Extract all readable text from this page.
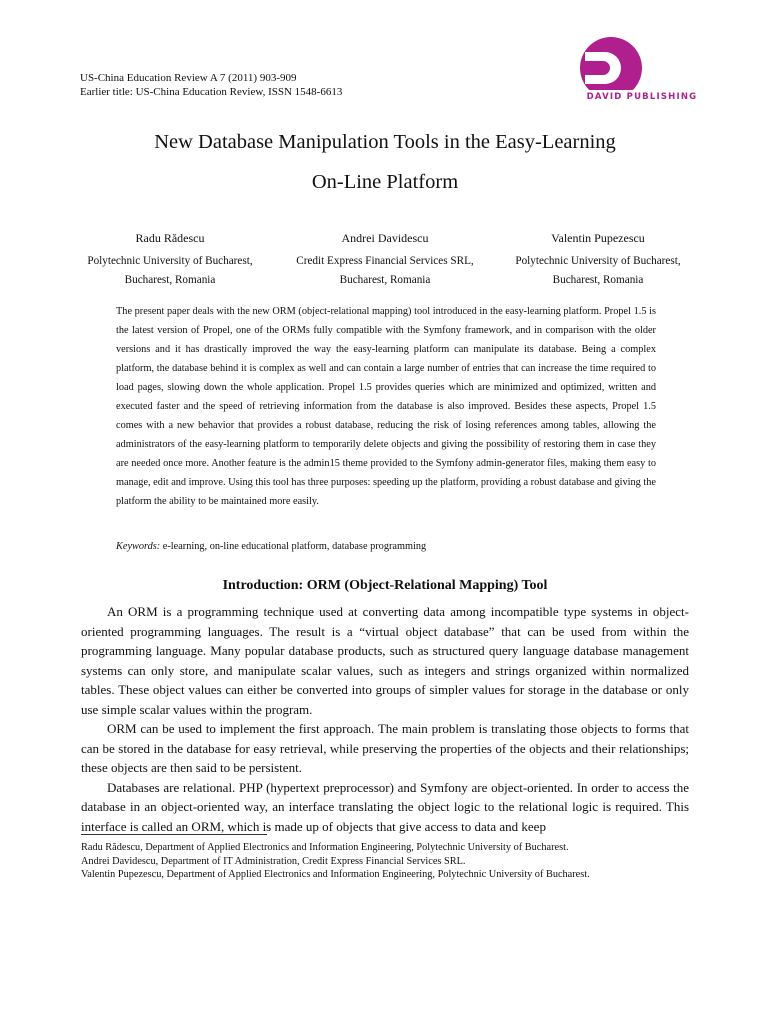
US-China Education Review A 7 (2011) 903-909
Earlier title: US-China Education Review, ISSN 1548-6613	DAVID PUBLISHING
New Database Manipulation Tools in the Easy-Learning
On-Line Platform
Radu Rădescu
Polytechnic University of Bucharest,
Bucharest, Romania
Andrei Davidescu
Credit Express Financial Services SRL,
Bucharest, Romania
Valentin Pupezescu
Polytechnic University of Bucharest,
Bucharest, Romania
The present paper deals with the new ORM (object-relational mapping) tool introduced in the easy-learning platform. Propel 1.5 is the latest version of Propel, one of the ORMs fully compatible with the Symfony framework, and in comparison with the older versions and it has drastically improved the way the easy-learning platform can manipulate its database. Being a complex platform, the database behind it is complex as well and can contain a large number of entries that can increase the time required to load pages, slowing down the whole application. Propel 1.5 provides queries which are minimized and optimized, written and executed faster and the speed of retrieving information from the database is also improved. Besides these aspects, Propel 1.5 comes with a new behavior that provides a robust database, reducing the risk of losing references among tables, allowing the administrators of the easy-learning platform to temporarily delete objects and giving the possibility of restoring them in case they are needed once more. Another feature is the admin15 theme provided to the Symfony admin-generator files, making them easy to manage, edit and improve. Using this tool has three purposes: speeding up the platform, providing a robust database and giving the platform the ability to be maintained more easily.
Keywords: e-learning, on-line educational platform, database programming
Introduction: ORM (Object-Relational Mapping) Tool

An ORM is a programming technique used at converting data among incompatible type systems in object-oriented programming languages. The result is a “virtual object database” that can be used from within the programming language. Many popular database products, such as structured query language database management systems can only store, and manipulate scalar values, such as integers and strings organized within normalized tables. These object values can either be converted into groups of simpler values for storage in the database or only use simple scalar values within the program.

ORM can be used to implement the first approach. The main problem is translating those objects to forms that can be stored in the database for easy retrieval, while preserving the properties of the objects and their relationships; these objects are then said to be persistent.

Databases are relational. PHP (hypertext preprocessor) and Symfony are object-oriented. In order to access the database in an object-oriented way, an interface translating the object logic to the relational logic is required. This interface is called an ORM, which is made up of objects that give access to data and keep

Radu Rădescu, Department of Applied Electronics and Information Engineering, Polytechnic University of Bucharest.
Andrei Davidescu, Department of IT Administration, Credit Express Financial Services SRL.
Valentin Pupezescu, Department of Applied Electronics and Information Engineering, Polytechnic University of Bucharest.
